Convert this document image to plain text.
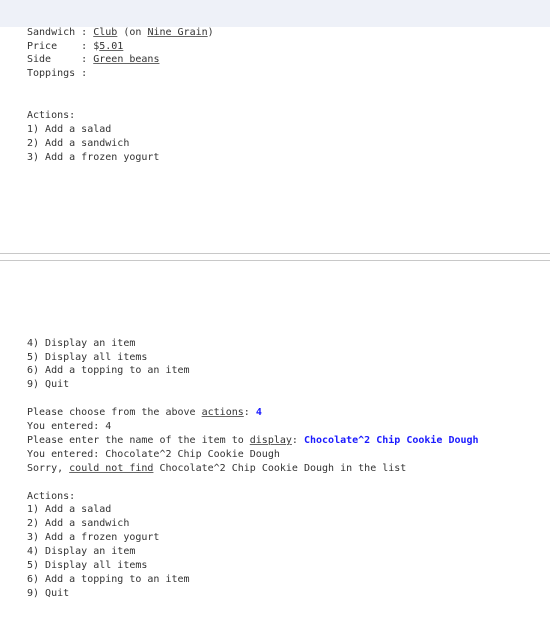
Sandwich : Club (on Nine Grain)
Price    : $5.01
Side     : Green beans
Toppings :
Actions:
1) Add a salad
2) Add a sandwich
3) Add a frozen yogurt
4) Display an item
5) Display all items
6) Add a topping to an item
9) Quit
Please choose from the above actions: 4
You entered: 4
Please enter the name of the item to display: Chocolate^2 Chip Cookie Dough
You entered: Chocolate^2 Chip Cookie Dough
Sorry, could not find Chocolate^2 Chip Cookie Dough in the list
Actions:
1) Add a salad
2) Add a sandwich
3) Add a frozen yogurt
4) Display an item
5) Display all items
6) Add a topping to an item
9) Quit
